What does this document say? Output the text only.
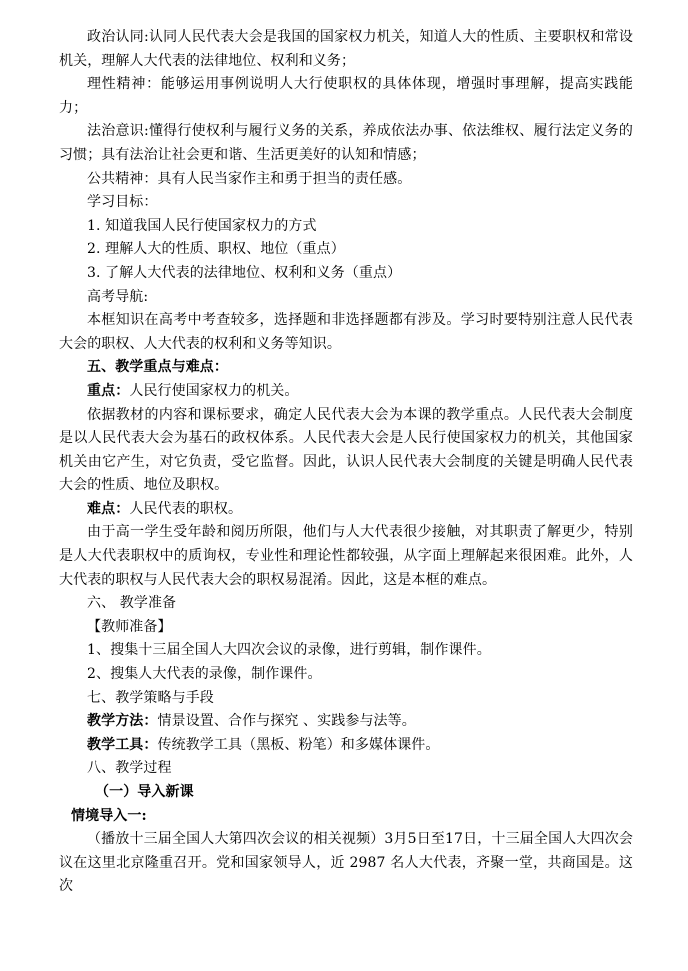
政治认同:认同人民代表大会是我国的国家权力机关，知道人大的性质、主要职权和常设机关，理解人大代表的法律地位、权利和义务；

理性精神：能够运用事例说明人大行使职权的具体体现，增强时事理解，提高实践能力；

法治意识:懂得行使权利与履行义务的关系，养成依法办事、依法维权、履行法定义务的习惯；具有法治让社会更和谐、生活更美好的认知和情感；

公共精神：具有人民当家作主和勇于担当的责任感。

学习目标：

1. 知道我国人民行使国家权力的方式

2. 理解人大的性质、职权、地位（重点）

3. 了解人大代表的法律地位、权利和义务（重点）

高考导航:

本框知识在高考中考查较多，选择题和非选择题都有涉及。学习时要特别注意人民代表大会的职权、人大代表的权利和义务等知识。

五、教学重点与难点：

重点：人民行使国家权力的机关。

依据教材的内容和课标要求，确定人民代表大会为本课的教学重点。人民代表大会制度是以人民代表大会为基石的政权体系。人民代表大会是人民行使国家权力的机关，其他国家机关由它产生，对它负责，受它监督。因此，认识人民代表大会制度的关键是明确人民代表大会的性质、地位及职权。

难点：人民代表的职权。

由于高一学生受年龄和阅历所限，他们与人大代表很少接触，对其职责了解更少，特别是人大代表职权中的质询权，专业性和理论性都较强，从字面上理解起来很困难。此外，人大代表的职权与人民代表大会的职权易混淆。因此，这是本框的难点。

六、 教学准备

【教师准备】

1、搜集十三届全国人大四次会议的录像，进行剪辑，制作课件。

2、搜集人大代表的录像，制作课件。

七、教学策略与手段

教学方法：情景设置、合作与探究 、实践参与法等。

教学工具：传统教学工具（黑板、粉笔）和多媒体课件。

八、教学过程

（一）导入新课

情境导入一:

（播放十三届全国人大第四次会议的相关视频）3月5日至17日，十三届全国人大四次会议在这里北京隆重召开。党和国家领导人，近 2987 名人大代表，齐聚一堂，共商国是。这次
